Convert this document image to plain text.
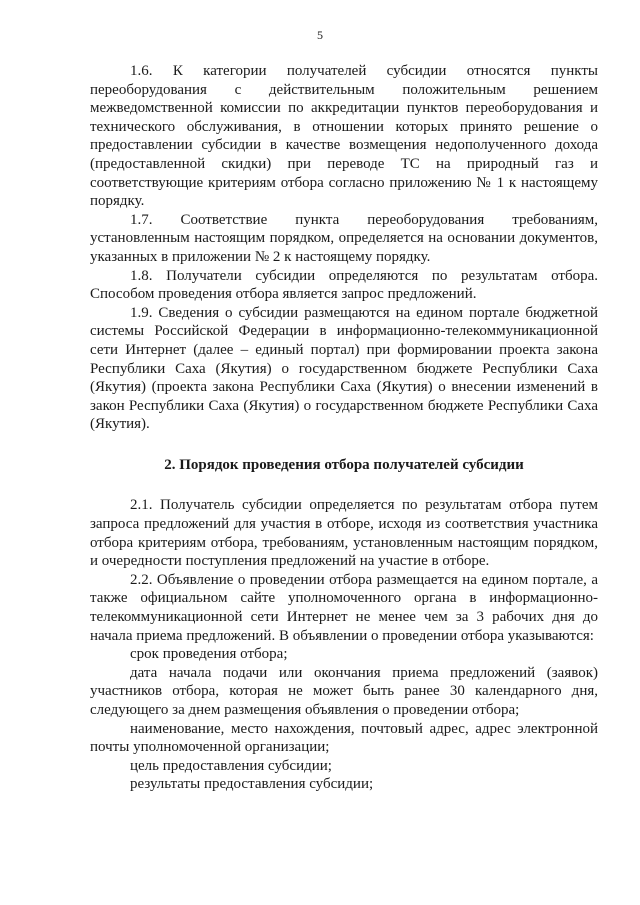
5

1.6. К категории получателей субсидии относятся пункты переоборудования с действительным положительным решением межведомственной комиссии по аккредитации пунктов переоборудования и технического обслуживания, в отношении которых принято решение о предоставлении субсидии в качестве возмещения недополученного дохода (предоставленной скидки) при переводе ТС на природный газ и соответствующие критериям отбора согласно приложению № 1 к настоящему порядку.

1.7. Соответствие пункта переоборудования требованиям, установленным настоящим порядком, определяется на основании документов, указанных в приложении № 2 к настоящему порядку.

1.8. Получатели субсидии определяются по результатам отбора. Способом проведения отбора является запрос предложений.

1.9. Сведения о субсидии размещаются на едином портале бюджетной системы Российской Федерации в информационно-телекоммуникационной сети Интернет (далее – единый портал) при формировании проекта закона Республики Саха (Якутия) о государственном бюджете Республики Саха (Якутия) (проекта закона Республики Саха (Якутия) о внесении изменений в закон Республики Саха (Якутия) о государственном бюджете Республики Саха (Якутия).

2. Порядок проведения отбора получателей субсидии

2.1. Получатель субсидии определяется по результатам отбора путем запроса предложений для участия в отборе, исходя из соответствия участника отбора критериям отбора, требованиям, установленным настоящим порядком, и очередности поступления предложений на участие в отборе.

2.2. Объявление о проведении отбора размещается на едином портале, а также официальном сайте уполномоченного органа в информационно-телекоммуникационной сети Интернет не менее чем за 3 рабочих дня до начала приема предложений. В объявлении о проведении отбора указываются:

срок проведения отбора;

дата начала подачи или окончания приема предложений (заявок) участников отбора, которая не может быть ранее 30 календарного дня, следующего за днем размещения объявления о проведении отбора;

наименование, место нахождения, почтовый адрес, адрес электронной почты уполномоченной организации;

цель предоставления субсидии;

результаты предоставления субсидии;
